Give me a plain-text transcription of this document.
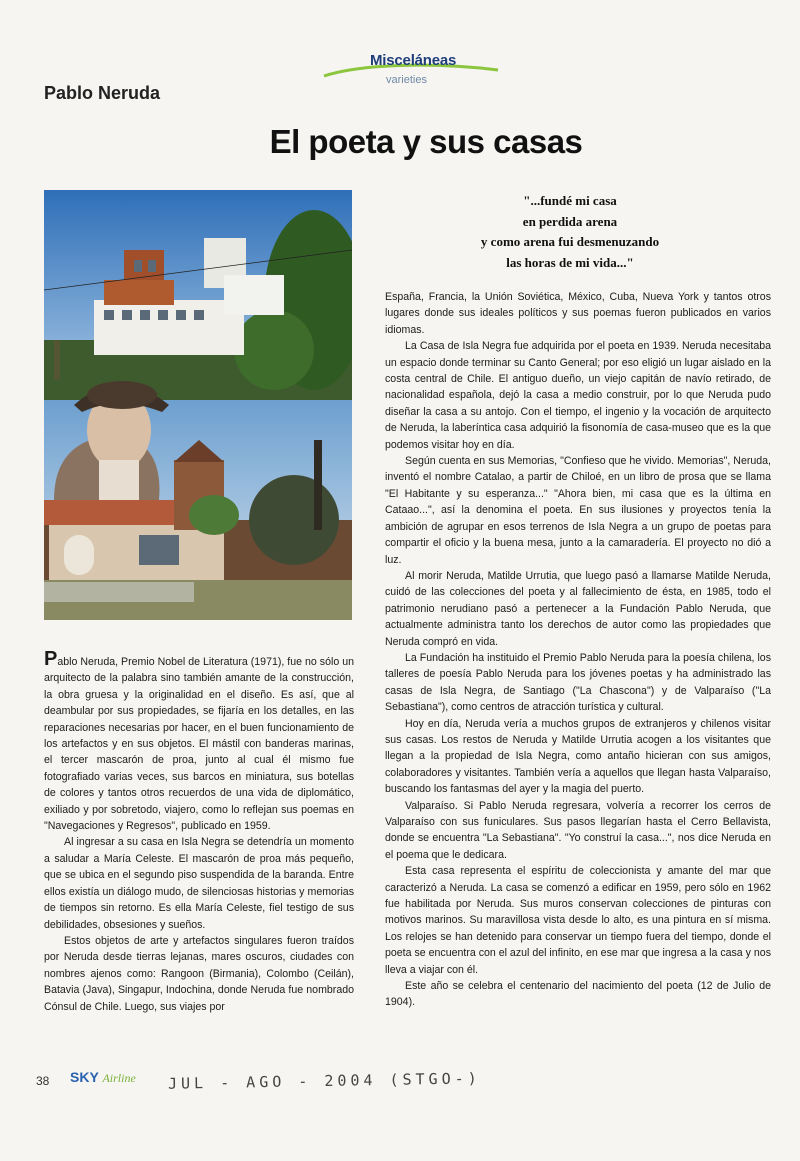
Misceláneas
varieties
Pablo Neruda
El poeta y sus casas
"...fundé mi casa
en perdida arena
y como arena fui desmenuzando
las horas de mi vida..."

Pablo Neruda, Premio Nobel de Literatura (1971), fue no sólo un arquitecto de la palabra sino también amante de la construcción, la obra gruesa y la originalidad en el diseño. Es así, que al deambular por sus propiedades, se fijaría en los detalles, en las reparaciones necesarias por hacer, en el buen funcionamiento de los artefactos y en sus objetos. El mástil con banderas marinas, el tercer mascarón de proa, junto al cual él mismo fue fotografiado varias veces, sus barcos en miniatura, sus botellas de colores y tantos otros recuerdos de una vida de diplomático, exiliado y por sobretodo, viajero, como lo reflejan sus poemas en "Navegaciones y Regresos", publicado en 1959.

Al ingresar a su casa en Isla Negra se detendría un momento a saludar a María Celeste. El mascarón de proa más pequeño, que se ubica en el segundo piso suspendida de la baranda. Entre ellos existía un diálogo mudo, de silenciosas historias y memorias de tiempos sin retorno. Es ella María Celeste, fiel testigo de sus debilidades, obsesiones y sueños.

Estos objetos de arte y artefactos singulares fueron traídos por Neruda desde tierras lejanas, mares oscuros, ciudades con nombres ajenos como: Rangoon (Birmania), Colombo (Ceilán), Batavia (Java), Singapur, Indochina, donde Neruda fue nombrado Cónsul de Chile. Luego, sus viajes por

España, Francia, la Unión Soviética, México, Cuba, Nueva York y tantos otros lugares donde sus ideales políticos y sus poemas fueron publicados en varios idiomas.

La Casa de Isla Negra fue adquirida por el poeta en 1939. Neruda necesitaba un espacio donde terminar su Canto General; por eso eligió un lugar aislado en la costa central de Chile. El antiguo dueño, un viejo capitán de navío retirado, de nacionalidad española, dejó la casa a medio construir, por lo que Neruda pudo diseñar la casa a su antojo. Con el tiempo, el ingenio y la vocación de arquitecto de Neruda, la laberíntica casa adquirió la fisonomía de casa-museo que es la que podemos visitar hoy en día.

Según cuenta en sus Memorias, "Confieso que he vivido. Memorias", Neruda, inventó el nombre Catalao, a partir de Chiloé, en un libro de prosa que se llama "El Habitante y su esperanza..." "Ahora bien, mi casa que es la última en Cataao...", así la denomina el poeta. En sus ilusiones y proyectos tenía la ambición de agrupar en esos terrenos de Isla Negra a un grupo de poetas para compartir el oficio y la buena mesa, junto a la camaradería. El proyecto no dió a luz.

Al morir Neruda, Matilde Urrutia, que luego pasó a llamarse Matilde Neruda, cuidó de las colecciones del poeta y al fallecimiento de ésta, en 1985, todo el patrimonio nerudiano pasó a pertenecer a la Fundación Pablo Neruda, que actualmente administra tanto los derechos de autor como las propiedades que Neruda compró en vida.

La Fundación ha instituido el Premio Pablo Neruda para la poesía chilena, los talleres de poesía Pablo Neruda para los jóvenes poetas y ha administrado las casas de Isla Negra, de Santiago ("La Chascona") y de Valparaíso ("La Sebastiana"), como centros de atracción turística y cultural.

Hoy en día, Neruda vería a muchos grupos de extranjeros y chilenos visitar sus casas. Los restos de Neruda y Matilde Urrutia acogen a los visitantes que llegan a la propiedad de Isla Negra, como antaño hicieran con sus amigos, colaboradores y visitantes. También vería a aquellos que llegan hasta Valparaíso, buscando los fantasmas del ayer y la magia del puerto.

Valparaíso. Si Pablo Neruda regresara, volvería a recorrer los cerros de Valparaíso con sus funiculares. Sus pasos llegarían hasta el Cerro Bellavista, donde se encuentra "La Sebastiana". "Yo construí la casa...", nos dice Neruda en el poema que le dedicara.

Esta casa representa el espíritu de coleccionista y amante del mar que caracterizó a Neruda. La casa se comenzó a edificar en 1959, pero sólo en 1962 fue habilitada por Neruda. Sus muros conservan colecciones de pinturas con motivos marinos. Su maravillosa vista desde lo alto, es una pintura en sí misma. Los relojes se han detenido para conservar un tiempo fuera del tiempo, donde el poeta se encuentra con el azul del infinito, en ese mar que ingresa a la casa y nos lleva a viajar con él.

Este año se celebra el centenario del nacimiento del poeta (12 de Julio de 1904).

38 SKY Airline JUL - AGO - 2004 (STGO-)
